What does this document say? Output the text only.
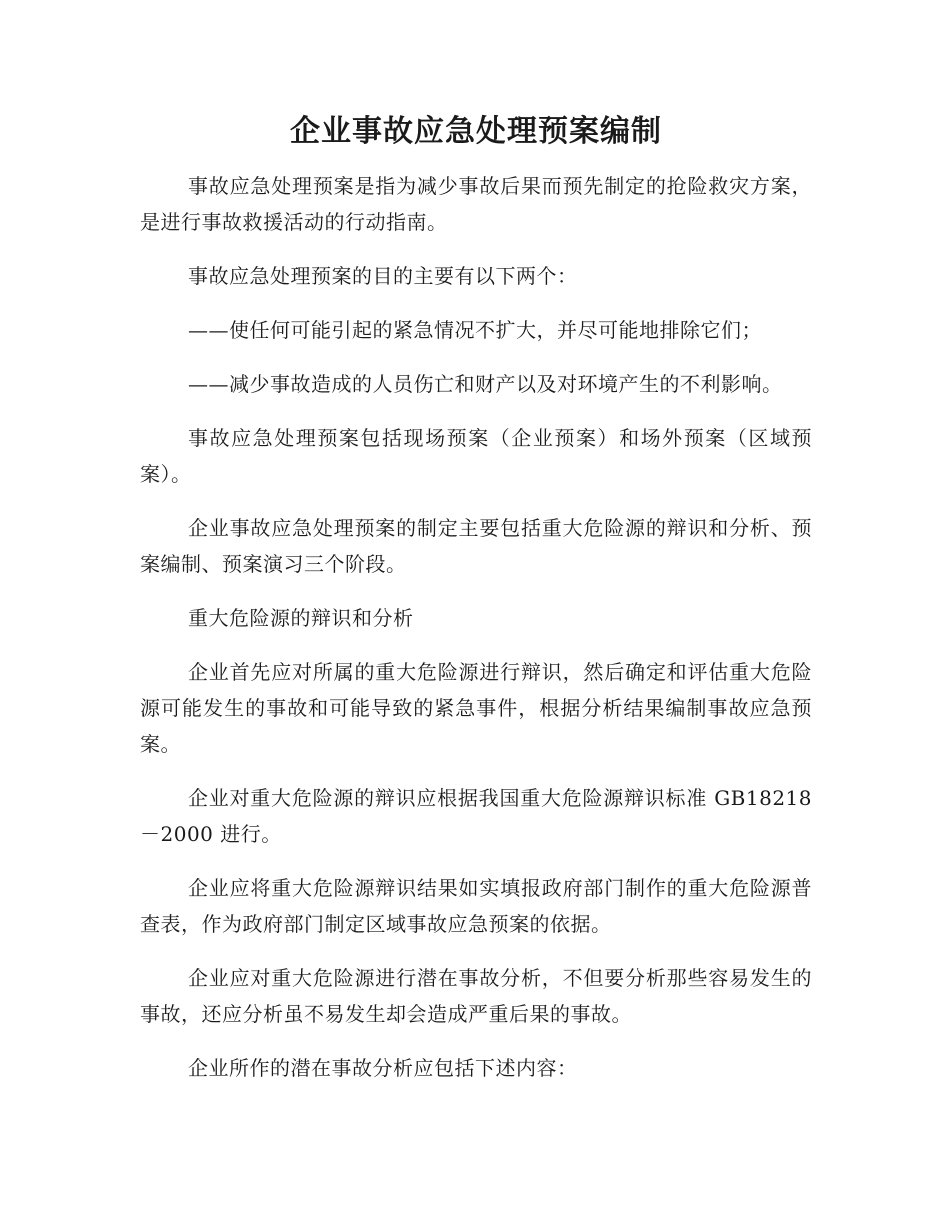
企业事故应急处理预案编制

事故应急处理预案是指为减少事故后果而预先制定的抢险救灾方案，是进行事故救援活动的行动指南。

事故应急处理预案的目的主要有以下两个：

——使任何可能引起的紧急情况不扩大，并尽可能地排除它们；

——减少事故造成的人员伤亡和财产以及对环境产生的不利影响。

事故应急处理预案包括现场预案（企业预案）和场外预案（区域预案）。

企业事故应急处理预案的制定主要包括重大危险源的辩识和分析、预案编制、预案演习三个阶段。

重大危险源的辩识和分析

企业首先应对所属的重大危险源进行辩识，然后确定和评估重大危险源可能发生的事故和可能导致的紧急事件，根据分析结果编制事故应急预案。

企业对重大危险源的辩识应根据我国重大危险源辩识标准 GB18218－2000 进行。

企业应将重大危险源辩识结果如实填报政府部门制作的重大危险源普查表，作为政府部门制定区域事故应急预案的依据。

企业应对重大危险源进行潜在事故分析，不但要分析那些容易发生的事故，还应分析虽不易发生却会造成严重后果的事故。

企业所作的潜在事故分析应包括下述内容：
